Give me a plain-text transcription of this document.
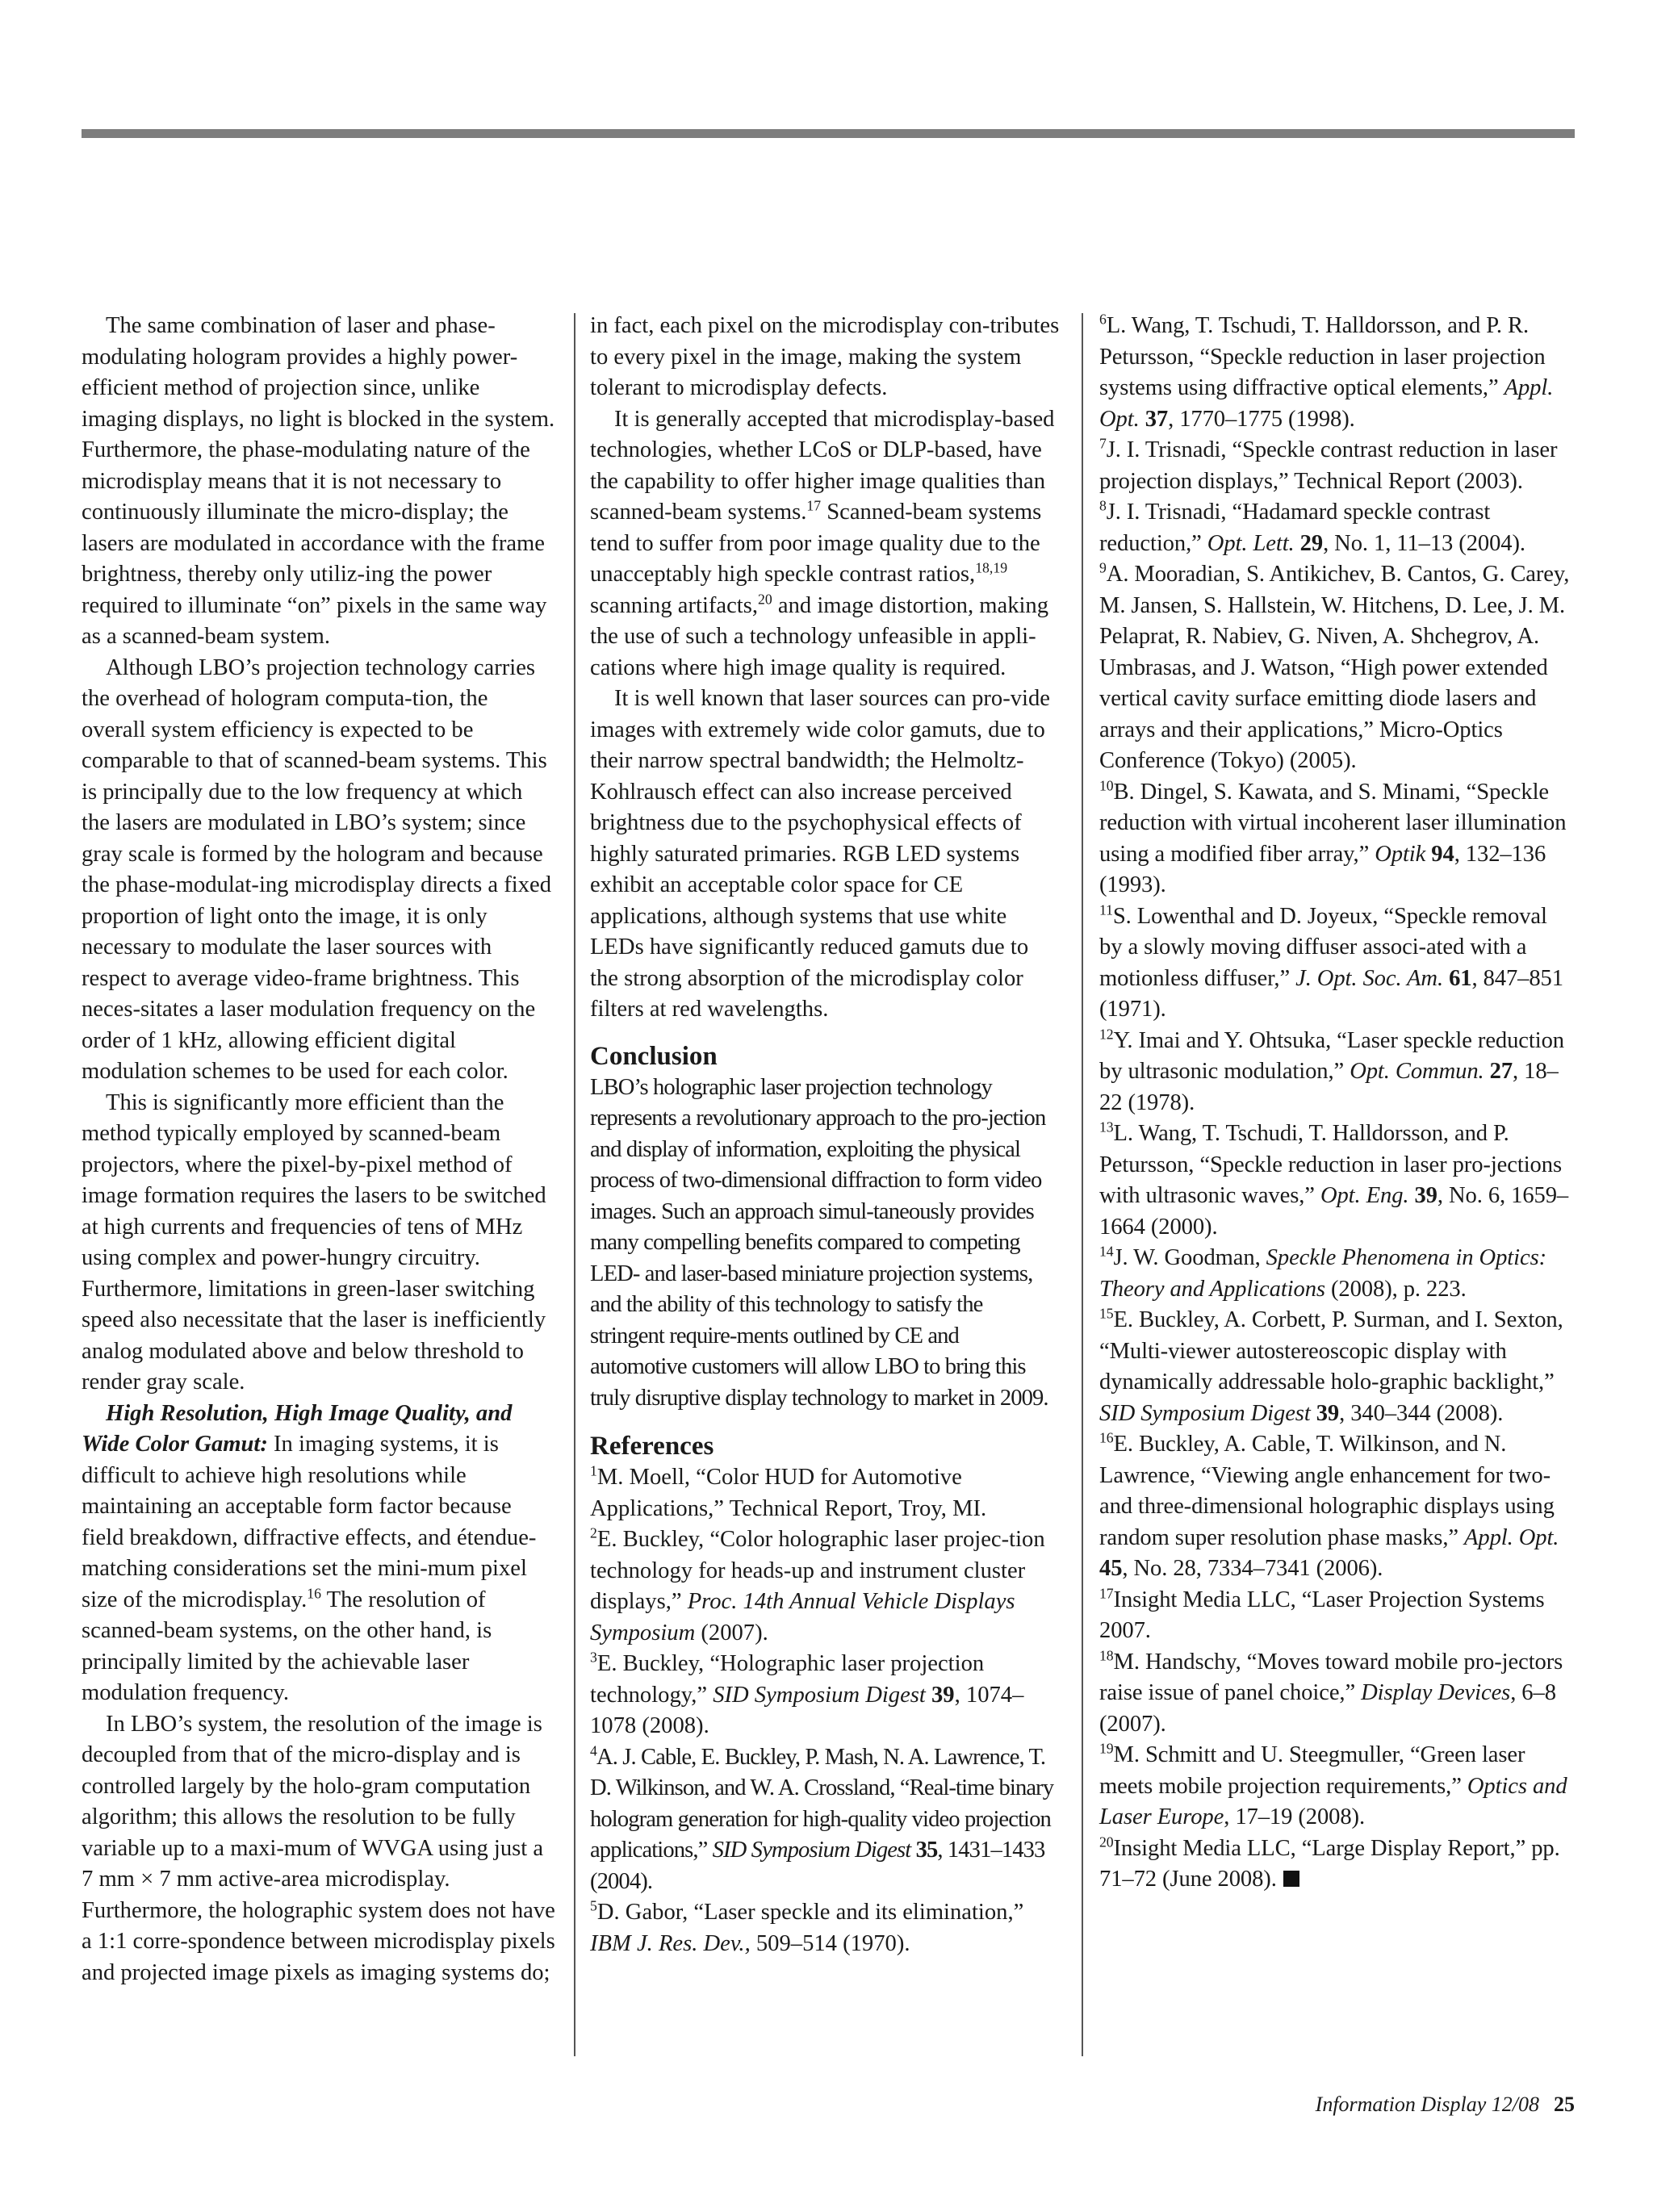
The same combination of laser and phase-modulating hologram provides a highly power-efficient method of projection since, unlike imaging displays, no light is blocked in the system. Furthermore, the phase-modulating nature of the microdisplay means that it is not necessary to continuously illuminate the micro-display; the lasers are modulated in accordance with the frame brightness, thereby only utiliz-ing the power required to illuminate “on” pixels in the same way as a scanned-beam system.

Although LBO’s projection technology carries the overhead of hologram computa-tion, the overall system efficiency is expected to be comparable to that of scanned-beam systems. This is principally due to the low frequency at which the lasers are modulated in LBO’s system; since gray scale is formed by the hologram and because the phase-modulat-ing microdisplay directs a fixed proportion of light onto the image, it is only necessary to modulate the laser sources with respect to average video-frame brightness. This neces-sitates a laser modulation frequency on the order of 1 kHz, allowing efficient digital modulation schemes to be used for each color.

This is significantly more efficient than the method typically employed by scanned-beam projectors, where the pixel-by-pixel method of image formation requires the lasers to be switched at high currents and frequencies of tens of MHz using complex and power-hungry circuitry. Furthermore, limitations in green-laser switching speed also necessitate that the laser is inefficiently analog modulated above and below threshold to render gray scale.

High Resolution, High Image Quality, and Wide Color Gamut: In imaging systems, it is difficult to achieve high resolutions while maintaining an acceptable form factor because field breakdown, diffractive effects, and étendue-matching considerations set the mini-mum pixel size of the microdisplay.$^{16}$ The resolution of scanned-beam systems, on the other hand, is principally limited by the achievable laser modulation frequency.

In LBO’s system, the resolution of the image is decoupled from that of the micro-display and is controlled largely by the holo-gram computation algorithm; this allows the resolution to be fully variable up to a maxi-mum of WVGA using just a 7 mm × 7 mm active-area microdisplay. Furthermore, the holographic system does not have a 1:1 corre-spondence between microdisplay pixels and projected image pixels as imaging systems do;

in fact, each pixel on the microdisplay con-tributes to every pixel in the image, making the system tolerant to microdisplay defects.

It is generally accepted that microdisplay-based technologies, whether LCoS or DLP-based, have the capability to offer higher image qualities than scanned-beam systems.$^{17}$ Scanned-beam systems tend to suffer from poor image quality due to the unacceptably high speckle contrast ratios,$^{18,19}$ scanning artifacts,$^{20}$ and image distortion, making the use of such a technology unfeasible in appli-cations where high image quality is required.

It is well known that laser sources can pro-vide images with extremely wide color gamuts, due to their narrow spectral bandwidth; the Helmoltz-Kohlrausch effect can also increase perceived brightness due to the psychophysical effects of highly saturated primaries. RGB LED systems exhibit an acceptable color space for CE applications, although systems that use white LEDs have significantly reduced gamuts due to the strong absorption of the microdisplay color filters at red wavelengths.

Conclusion

LBO’s holographic laser projection technology represents a revolutionary approach to the pro-jection and display of information, exploiting the physical process of two-dimensional diffraction to form video images. Such an approach simul-taneously provides many compelling benefits compared to competing LED- and laser-based miniature projection systems, and the ability of this technology to satisfy the stringent require-ments outlined by CE and automotive customers will allow LBO to bring this truly disruptive display technology to market in 2009.

References

$^1$M. Moell, “Color HUD for Automotive Applications,” Technical Report, Troy, MI.

$^2$E. Buckley, “Color holographic laser projec-tion technology for heads-up and instrument cluster displays,” Proc. 14th Annual Vehicle Displays Symposium (2007).

$^3$E. Buckley, “Holographic laser projection technology,” SID Symposium Digest 39, 1074–1078 (2008).

$^4$A. J. Cable, E. Buckley, P. Mash, N. A. Lawrence, T. D. Wilkinson, and W. A. Crossland, “Real-time binary hologram generation for high-quality video projection applications,” SID Symposium Digest 35, 1431–1433 (2004).

$^5$D. Gabor, “Laser speckle and its elimination,” IBM J. Res. Dev., 509–514 (1970).

$^6$L. Wang, T. Tschudi, T. Halldorsson, and P. R. Petursson, “Speckle reduction in laser projection systems using diffractive optical elements,” Appl. Opt. 37, 1770–1775 (1998).

$^7$J. I. Trisnadi, “Speckle contrast reduction in laser projection displays,” Technical Report (2003).

$^8$J. I. Trisnadi, “Hadamard speckle contrast reduction,” Opt. Lett. 29, No. 1, 11–13 (2004).

$^9$A. Mooradian, S. Antikichev, B. Cantos, G. Carey, M. Jansen, S. Hallstein, W. Hitchens, D. Lee, J. M. Pelaprat, R. Nabiev, G. Niven, A. Shchegrov, A. Umbrasas, and J. Watson, “High power extended vertical cavity surface emitting diode lasers and arrays and their applications,” Micro-Optics Conference (Tokyo) (2005).

$^{10}$B. Dingel, S. Kawata, and S. Minami, “Speckle reduction with virtual incoherent laser illumination using a modified fiber array,” Optik 94, 132–136 (1993).

$^{11}$S. Lowenthal and D. Joyeux, “Speckle removal by a slowly moving diffuser associ-ated with a motionless diffuser,” J. Opt. Soc. Am. 61, 847–851 (1971).

$^{12}$Y. Imai and Y. Ohtsuka, “Laser speckle reduction by ultrasonic modulation,” Opt. Commun. 27, 18–22 (1978).

$^{13}$L. Wang, T. Tschudi, T. Halldorsson, and P. Petursson, “Speckle reduction in laser pro-jections with ultrasonic waves,” Opt. Eng. 39, No. 6, 1659–1664 (2000).

$^{14}$J. W. Goodman, Speckle Phenomena in Optics: Theory and Applications (2008), p. 223.

$^{15}$E. Buckley, A. Corbett, P. Surman, and I. Sexton, “Multi-viewer autostereoscopic display with dynamically addressable holo-graphic backlight,” SID Symposium Digest 39, 340–344 (2008).

$^{16}$E. Buckley, A. Cable, T. Wilkinson, and N. Lawrence, “Viewing angle enhancement for two- and three-dimensional holographic displays using random super resolution phase masks,” Appl. Opt. 45, No. 28, 7334–7341 (2006).

$^{17}$Insight Media LLC, “Laser Projection Systems 2007.

$^{18}$M. Handschy, “Moves toward mobile pro-jectors raise issue of panel choice,” Display Devices, 6–8 (2007).

$^{19}$M. Schmitt and U. Steegmuller, “Green laser meets mobile projection requirements,” Optics and Laser Europe, 17–19 (2008).

$^{20}$Insight Media LLC, “Large Display Report,” pp. 71–72 (June 2008).

Information Display 12/08 25
